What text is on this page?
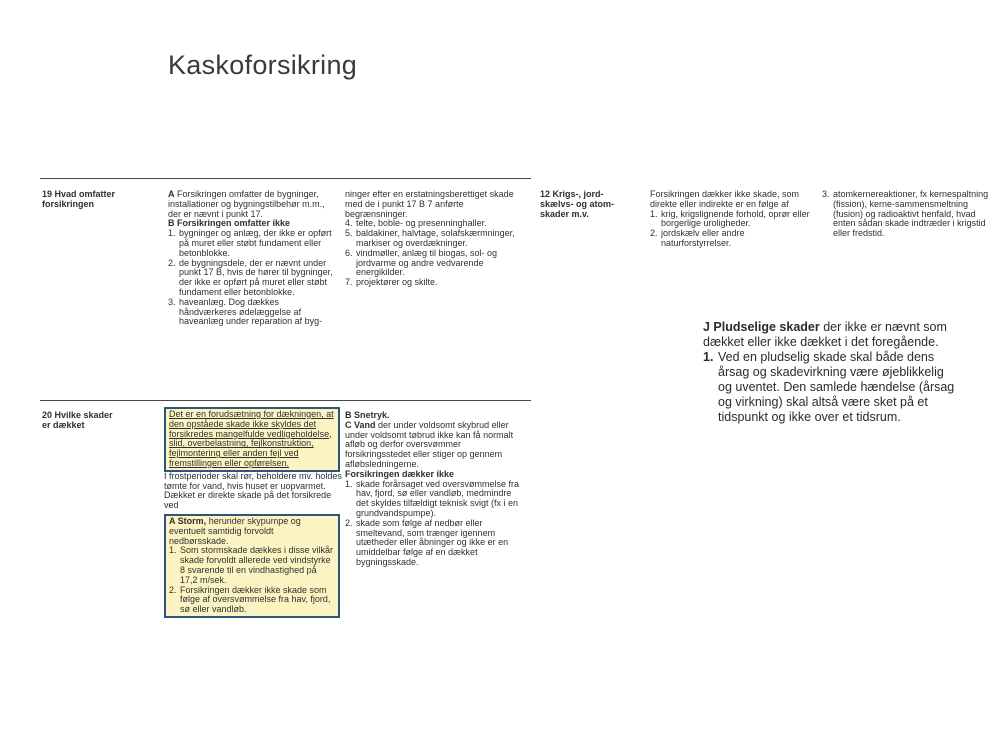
Kaskoforsikring
19 Hvad omfatter
forsikringen

A Forsikringen omfatter de bygninger, installationer og bygningstilbehør m.m., der er nævnt i punkt 17.

B Forsikringen omfatter ikke

1. bygninger og anlæg, der ikke er opført på muret eller støbt fundament eller betonblokke.
2. de bygningsdele, der er nævnt under punkt 17 B, hvis de hører til bygninger, der ikke er opført på muret eller støbt fundament eller betonblokke.
3. haveanlæg. Dog dækkes håndværkeres ødelæggelse af haveanlæg under reparation af byg-

ninger efter en erstatningsberettiget skade med de i punkt 17 B 7 anførte begrænsninger.

4. telte, boble- og presenninghaller.
5. baldakiner, halvtage, solafskærmninger, markiser og overdækninger.
6. vindmøller, anlæg til biogas, sol- og jordvarme og andre vedvarende energikilder.
7. projektører og skilte.
12 Krigs-, jord-
skælvs- og atom-
skader m.v.

Forsikringen dækker ikke skade, som direkte eller indirekte er en følge af

1. krig, krigslignende forhold, oprør eller borgerlige uroligheder.
2. jordskælv eller andre naturforstyrrelser.
3. atomkernereaktioner, fx kernespaltning (fission), kerne-sammensmeltning (fusion) og radioaktivt henfald, hvad enten sådan skade indtræder i krigstid eller fredstid.

J Pludselige skader der ikke er nævnt som dækket eller ikke dækket i det foregående.

1. Ved en pludselig skade skal både dens årsag og skadevirkning være øjeblikkelig og uventet. Den samlede hændelse (årsag og virkning) skal altså være sket på et tidspunkt og ikke over et tidsrum.
20 Hvilke skader
er dækket

Det er en forudsætning for dækningen, at den opståede skade ikke skyldes det forsikredes mangelfulde vedligeholdelse, slid, overbelastning, fejlkonstruktion, fejlmontering eller anden fejl ved fremstillingen eller opførelsen.

I frostperioder skal rør, beholdere mv. holdes tømte for vand, hvis huset er uopvarmet. Dækket er direkte skade på det forsikrede ved

A Storm, herunder skypumpe og eventuelt samtidig forvoldt nedbørsskade.

1. Som stormskade dækkes i disse vilkår skade forvoldt allerede ved vindstyrke 8 svarende til en vindhastighed på 17,2 m/sek.
2. Forsikringen dækker ikke skade som følge af oversvømmelse fra hav, fjord, sø eller vandløb.

B Snetryk.

C Vand der under voldsomt skybrud eller under voldsomt tøbrud ikke kan få normalt afløb og derfor oversvømmer forsikringsstedet eller stiger op gennem afløbsledningerne.

Forsikringen dækker ikke

1. skade forårsaget ved oversvømmelse fra hav, fjord, sø eller vandløb, medmindre det skyldes tilfældigt teknisk svigt (fx i en grundvandspumpe).
2. skade som følge af nedbør eller smeltevand, som trænger igennem utætheder eller åbninger og ikke er en umiddelbar følge af en dækket bygningsskade.
